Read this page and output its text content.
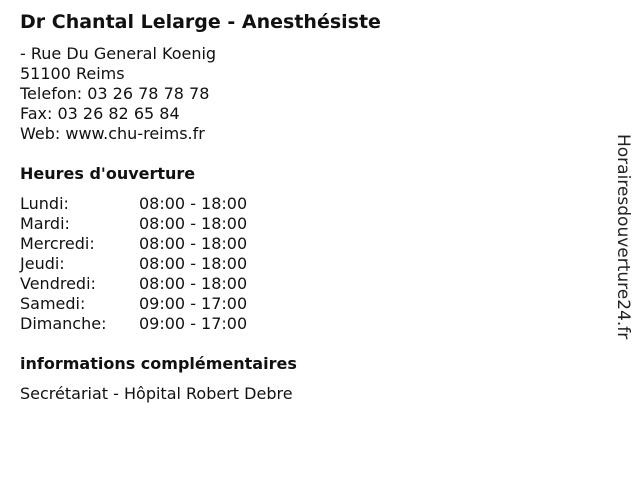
Dr Chantal Lelarge - Anesthésiste
- Rue Du General Koenig
51100 Reims
Telefon: 03 26 78 78 78
Fax: 03 26 82 65 84
Web: www.chu-reims.fr
Heures d'ouverture
Lundi:	08:00 - 18:00
Mardi:	08:00 - 18:00
Mercredi:	08:00 - 18:00
Jeudi:	08:00 - 18:00
Vendredi:	08:00 - 18:00
Samedi:	09:00 - 17:00
Dimanche:	09:00 - 17:00
informations complémentaires
Secrétariat - Hôpital Robert Debre
Horairesdouverture24.fr
